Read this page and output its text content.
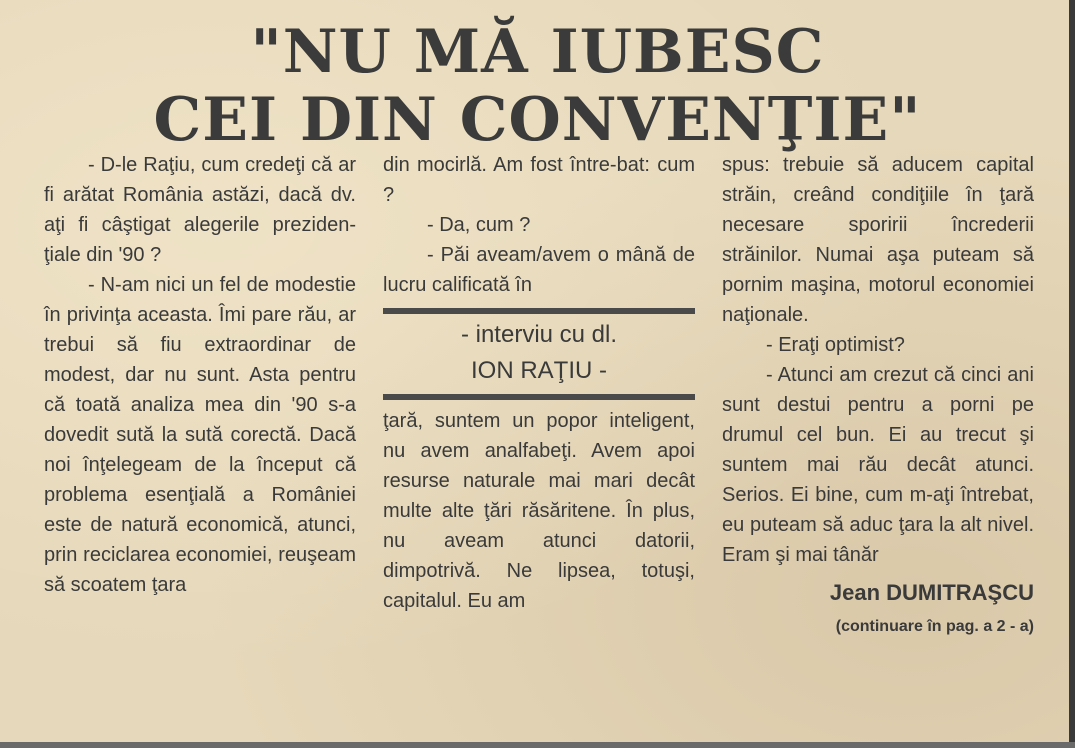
"NU MĂ IUBESC
CEI DIN CONVENŢIE"

- D-le Raţiu, cum credeţi că ar fi arătat România astăzi, dacă dv. aţi fi câştigat alegerile preziden-ţiale din '90 ?

- N-am nici un fel de modestie în privinţa aceasta. Îmi pare rău, ar trebui să fiu extraordinar de modest, dar nu sunt. Asta pentru că toată analiza mea din '90 s-a dovedit sută la sută corectă. Dacă noi înţelegeam de la început că problema esenţială a României este de natură economică, atunci, prin reciclarea economiei, reuşeam să scoatem ţara

din mocirlă. Am fost între-bat: cum ?

- Da, cum ?

- Păi aveam/avem o mână de lucru calificată în

- interviu cu dl.
ION RAŢIU -

ţară, suntem un popor inteligent, nu avem analfabeţi. Avem apoi resurse naturale mai mari decât multe alte ţări răsăritene. În plus, nu aveam atunci datorii, dimpotrivă. Ne lipsea, totuşi, capitalul. Eu am

spus: trebuie să aducem capital străin, creând condiţiile în ţară necesare sporirii încrederii străinilor. Numai aşa puteam să pornim maşina, motorul economiei naţionale.

- Eraţi optimist?

- Atunci am crezut că cinci ani sunt destui pentru a porni pe drumul cel bun. Ei au trecut şi suntem mai rău decât atunci. Serios. Ei bine, cum m-aţi întrebat, eu puteam să aduc ţara la alt nivel. Eram şi mai tânăr

Jean DUMITRAŞCU
(continuare în pag. a 2 - a)
